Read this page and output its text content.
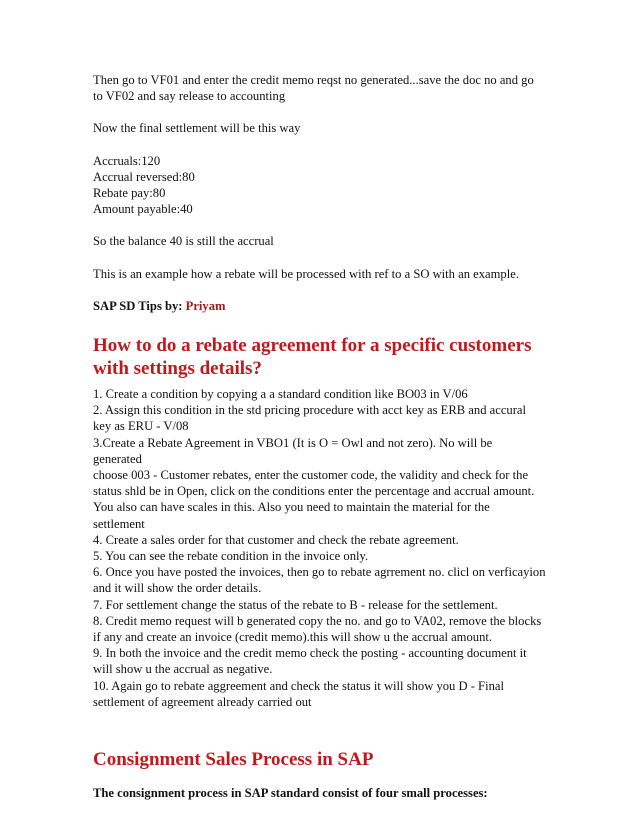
Then go to VF01 and enter the credit memo reqst no generated...save the doc no and go
to VF02 and say release to accounting

Now the final settlement will be this way

Accruals:120

Accrual reversed:80

Rebate pay:80

Amount payable:40

So the balance 40 is still the accrual

This is an example how a rebate will be processed with ref to a SO with an example.

SAP SD Tips by: Priyam

How to do a rebate agreement for a specific customers
with settings details?

1. Create a condition by copying a a standard condition like BO03 in V/06

2. Assign this condition in the std pricing procedure with acct key as ERB and accural
key as ERU - V/08

3.Create a Rebate Agreement in VBO1 (It is O = Owl and not zero). No will be
generated
choose 003 - Customer rebates, enter the customer code, the validity and check for the
status shld be in Open, click on the conditions enter the percentage and accrual amount.
You also can have scales in this. Also you need to maintain the material for the
settlement

4. Create a sales order for that customer and check the rebate agreement.

5. You can see the rebate condition in the invoice only.

6. Once you have posted the invoices, then go to rebate agrrement no. clicl on verficayion
and it will show the order details.

7. For settlement change the status of the rebate to B - release for the settlement.

8. Credit memo request will b generated copy the no. and go to VA02, remove the blocks
if any and create an invoice (credit memo).this will show u the accrual amount.

9. In both the invoice and the credit memo check the posting - accounting document it
will show u the accrual as negative.

10. Again go to rebate aggreement and check the status it will show you D - Final
settlement of agreement already carried out

Consignment Sales Process in SAP

The consignment process in SAP standard consist of four small processes:
